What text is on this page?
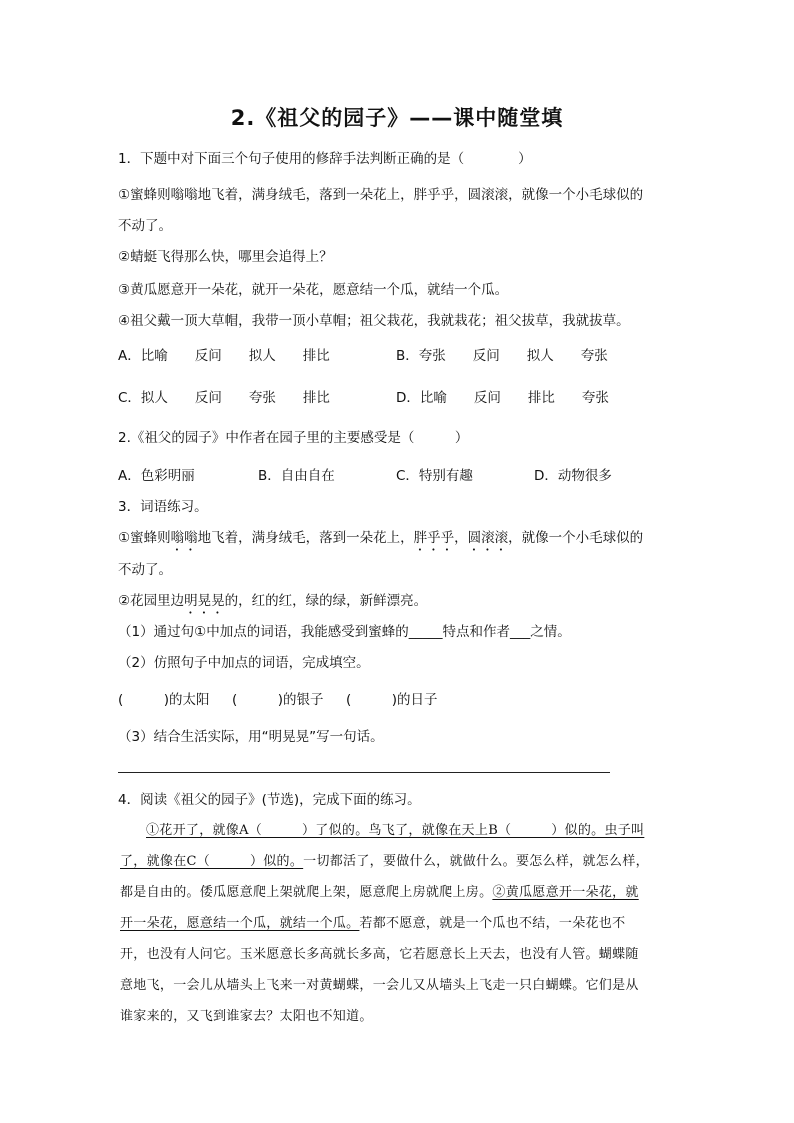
2.《祖父的园子》——课中随堂填
1．下题中对下面三个句子使用的修辞手法判断正确的是（　　　　）
①蜜蜂则嗡嗡地飞着，满身绒毛，落到一朵花上，胖乎乎，圆滚滚，就像一个小毛球似的
不动了。
②蜻蜓飞得那么快，哪里会追得上？
③黄瓜愿意开一朵花，就开一朵花，愿意结一个瓜，就结一个瓜。
④祖父戴一顶大草帽，我带一顶小草帽；祖父栽花，我就栽花；祖父拔草，我就拔草。
A．比喻　　反问　　拟人　　排比	B．夸张　　反问　　拟人　　夸张
C．拟人　　反问　　夸张　　排比	D．比喻　　反问　　排比　　夸张
2.《祖父的园子》中作者在园子里的主要感受是（　　　）
A．色彩明丽	B．自由自在	C．特别有趣	D．动物很多
3．词语练习。
①蜜蜂则嗡嗡地飞着，满身绒毛，落到一朵花上，胖乎乎，圆滚滚，就像一个小毛球似的
不动了。
②花园里边明晃晃的，红的红，绿的绿，新鲜漂亮。
（1）通过句①中加点的词语，我能感受到蜜蜂的_____特点和作者___之情。
（2）仿照句子中加点的词语，完成填空。
(　　　)的太阳 (　　　)的银子 (　　　)的日子
（3）结合生活实际，用“明晃晃”写一句话。
4．阅读《祖父的园子》(节选)，完成下面的练习。
①花开了，就像A（　　　）了似的。鸟飞了，就像在天上B（　　　）似的。虫子叫
了，就像在C（　　　）似的。一切都活了，要做什么，就做什么。要怎么样，就怎么样，
都是自由的。倭瓜愿意爬上架就爬上架，愿意爬上房就爬上房。②黄瓜愿意开一朵花，就
开一朵花，愿意结一个瓜，就结一个瓜。若都不愿意，就是一个瓜也不结，一朵花也不
开，也没有人问它。玉米愿意长多高就长多高，它若愿意长上天去，也没有人管。蝴蝶随
意地飞，一会儿从墙头上飞来一对黄蝴蝶，一会儿又从墙头上飞走一只白蝴蝶。它们是从
谁家来的，又飞到谁家去？太阳也不知道。
